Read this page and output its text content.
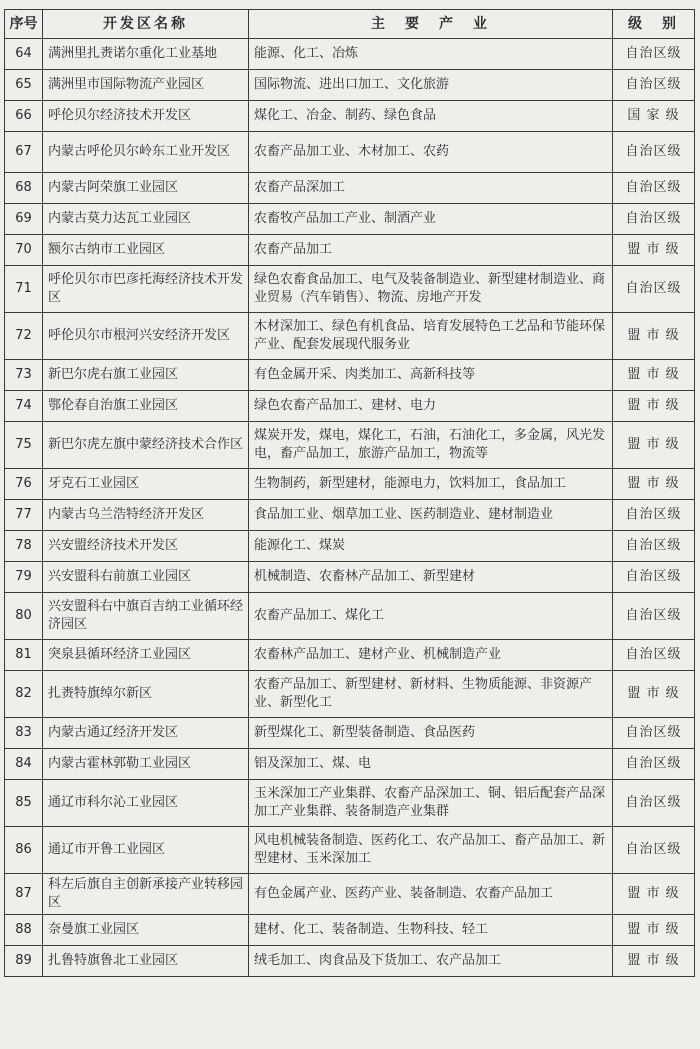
序号	开发区名称	主　要　产　业	级　别
64	满洲里扎赉诺尔重化工业基地	能源、化工、冶炼	自治区级
65	满洲里市国际物流产业园区	国际物流、进出口加工、文化旅游	自治区级
66	呼伦贝尔经济技术开发区	煤化工、冶金、制药、绿色食品	国 家 级
67	内蒙古呼伦贝尔岭东工业开发区	农畜产品加工业、木材加工、农药	自治区级
68	内蒙古阿荣旗工业园区	农畜产品深加工	自治区级
69	内蒙古莫力达瓦工业园区	农畜牧产品加工产业、制酒产业	自治区级
70	额尔古纳市工业园区	农畜产品加工	盟 市 级
71	呼伦贝尔市巴彦托海经济技术开发区	绿色农畜食品加工、电气及装备制造业、新型建材制造业、商业贸易（汽车销售）、物流、房地产开发	自治区级
72	呼伦贝尔市根河兴安经济开发区	木材深加工、绿色有机食品、培育发展特色工艺品和节能环保产业、配套发展现代服务业	盟 市 级
73	新巴尔虎右旗工业园区	有色金属开采、肉类加工、高新科技等	盟 市 级
74	鄂伦春自治旗工业园区	绿色农畜产品加工、建材、电力	盟 市 级
75	新巴尔虎左旗中蒙经济技术合作区	煤炭开发，煤电，煤化工，石油，石油化工，多金属，风光发电，畜产品加工，旅游产品加工，物流等	盟 市 级
76	牙克石工业园区	生物制药，新型建材，能源电力，饮料加工，食品加工	盟 市 级
77	内蒙古乌兰浩特经济开发区	食品加工业、烟草加工业、医药制造业、建材制造业	自治区级
78	兴安盟经济技术开发区	能源化工、煤炭	自治区级
79	兴安盟科右前旗工业园区	机械制造、农畜林产品加工、新型建材	自治区级
80	兴安盟科右中旗百吉纳工业循环经济园区	农畜产品加工、煤化工	自治区级
81	突泉县循环经济工业园区	农畜林产品加工、建材产业、机械制造产业	自治区级
82	扎赉特旗绰尔新区	农畜产品加工、新型建材、新材料、生物质能源、非资源产业、新型化工	盟 市 级
83	内蒙古通辽经济开发区	新型煤化工、新型装备制造、食品医药	自治区级
84	内蒙古霍林郭勒工业园区	铝及深加工、煤、电	自治区级
85	通辽市科尔沁工业园区	玉米深加工产业集群、农畜产品深加工、铜、铝后配套产品深加工产业集群、装备制造产业集群	自治区级
86	通辽市开鲁工业园区	风电机械装备制造、医药化工、农产品加工、畜产品加工、新型建材、玉米深加工	自治区级
87	科左后旗自主创新承接产业转移园区	有色金属产业、医药产业、装备制造、农畜产品加工	盟 市 级
88	奈曼旗工业园区	建材、化工、装备制造、生物科技、轻工	盟 市 级
89	扎鲁特旗鲁北工业园区	绒毛加工、肉食品及下货加工、农产品加工	盟 市 级
